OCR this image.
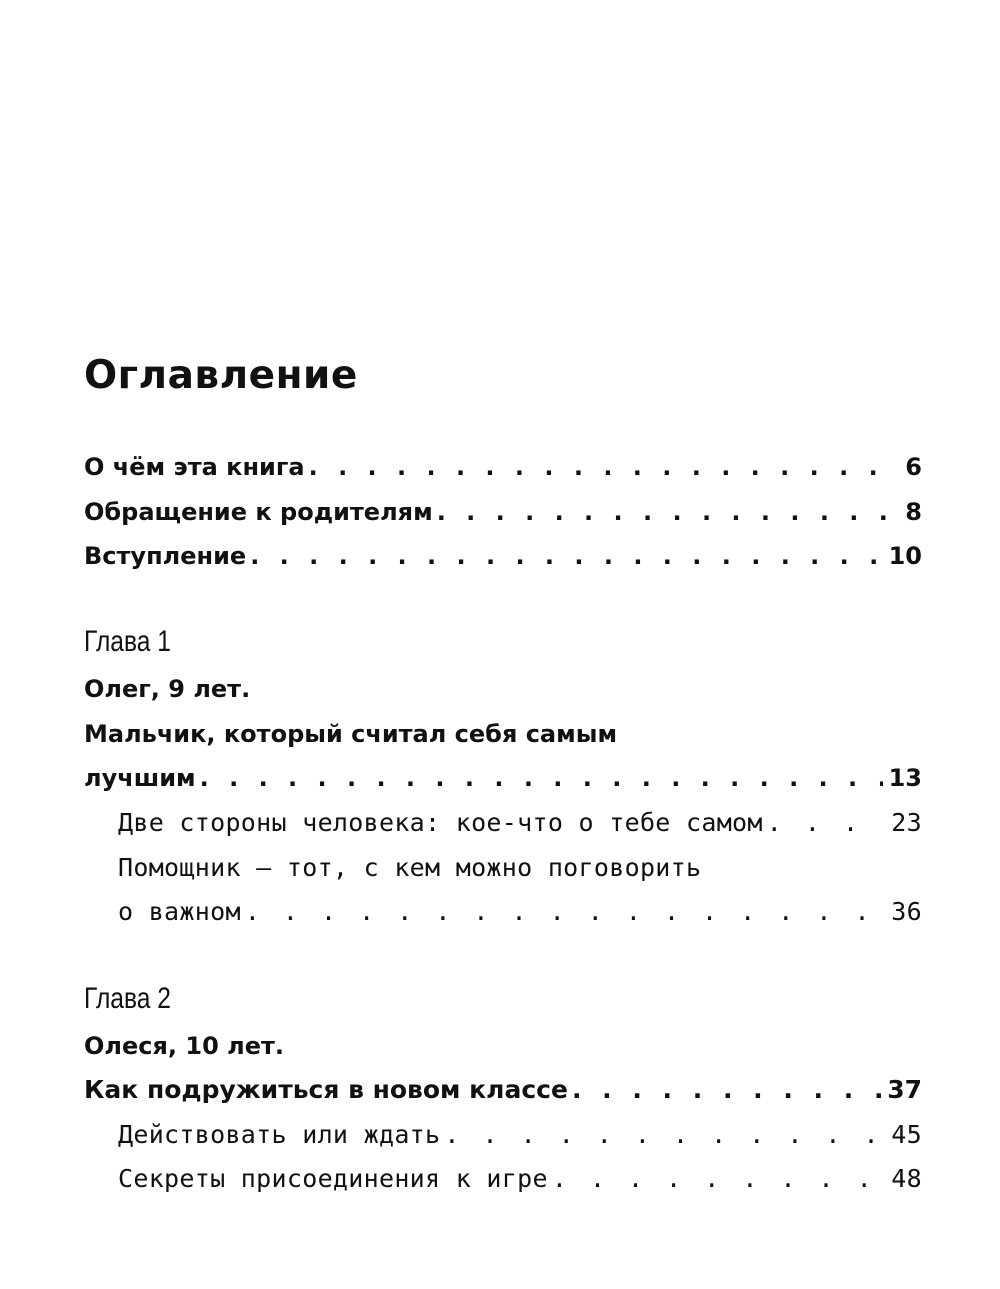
Оглавление
О чём эта книга . . .	6
Обращение к родителям . . .	8
Вступление . . .	10
Глава 1
Олег, 9 лет.
Мальчик, который считал себя самым
лучшим . . .	13
Две стороны человека: кое-что о тебе самом . . .	23
Помощник — тот, с кем можно поговорить
о важном . . .	36
Глава 2
Олеся, 10 лет.
Как подружиться в новом классе . . .	37
Действовать или ждать . . .	45
Секреты присоединения к игре . . .	48
